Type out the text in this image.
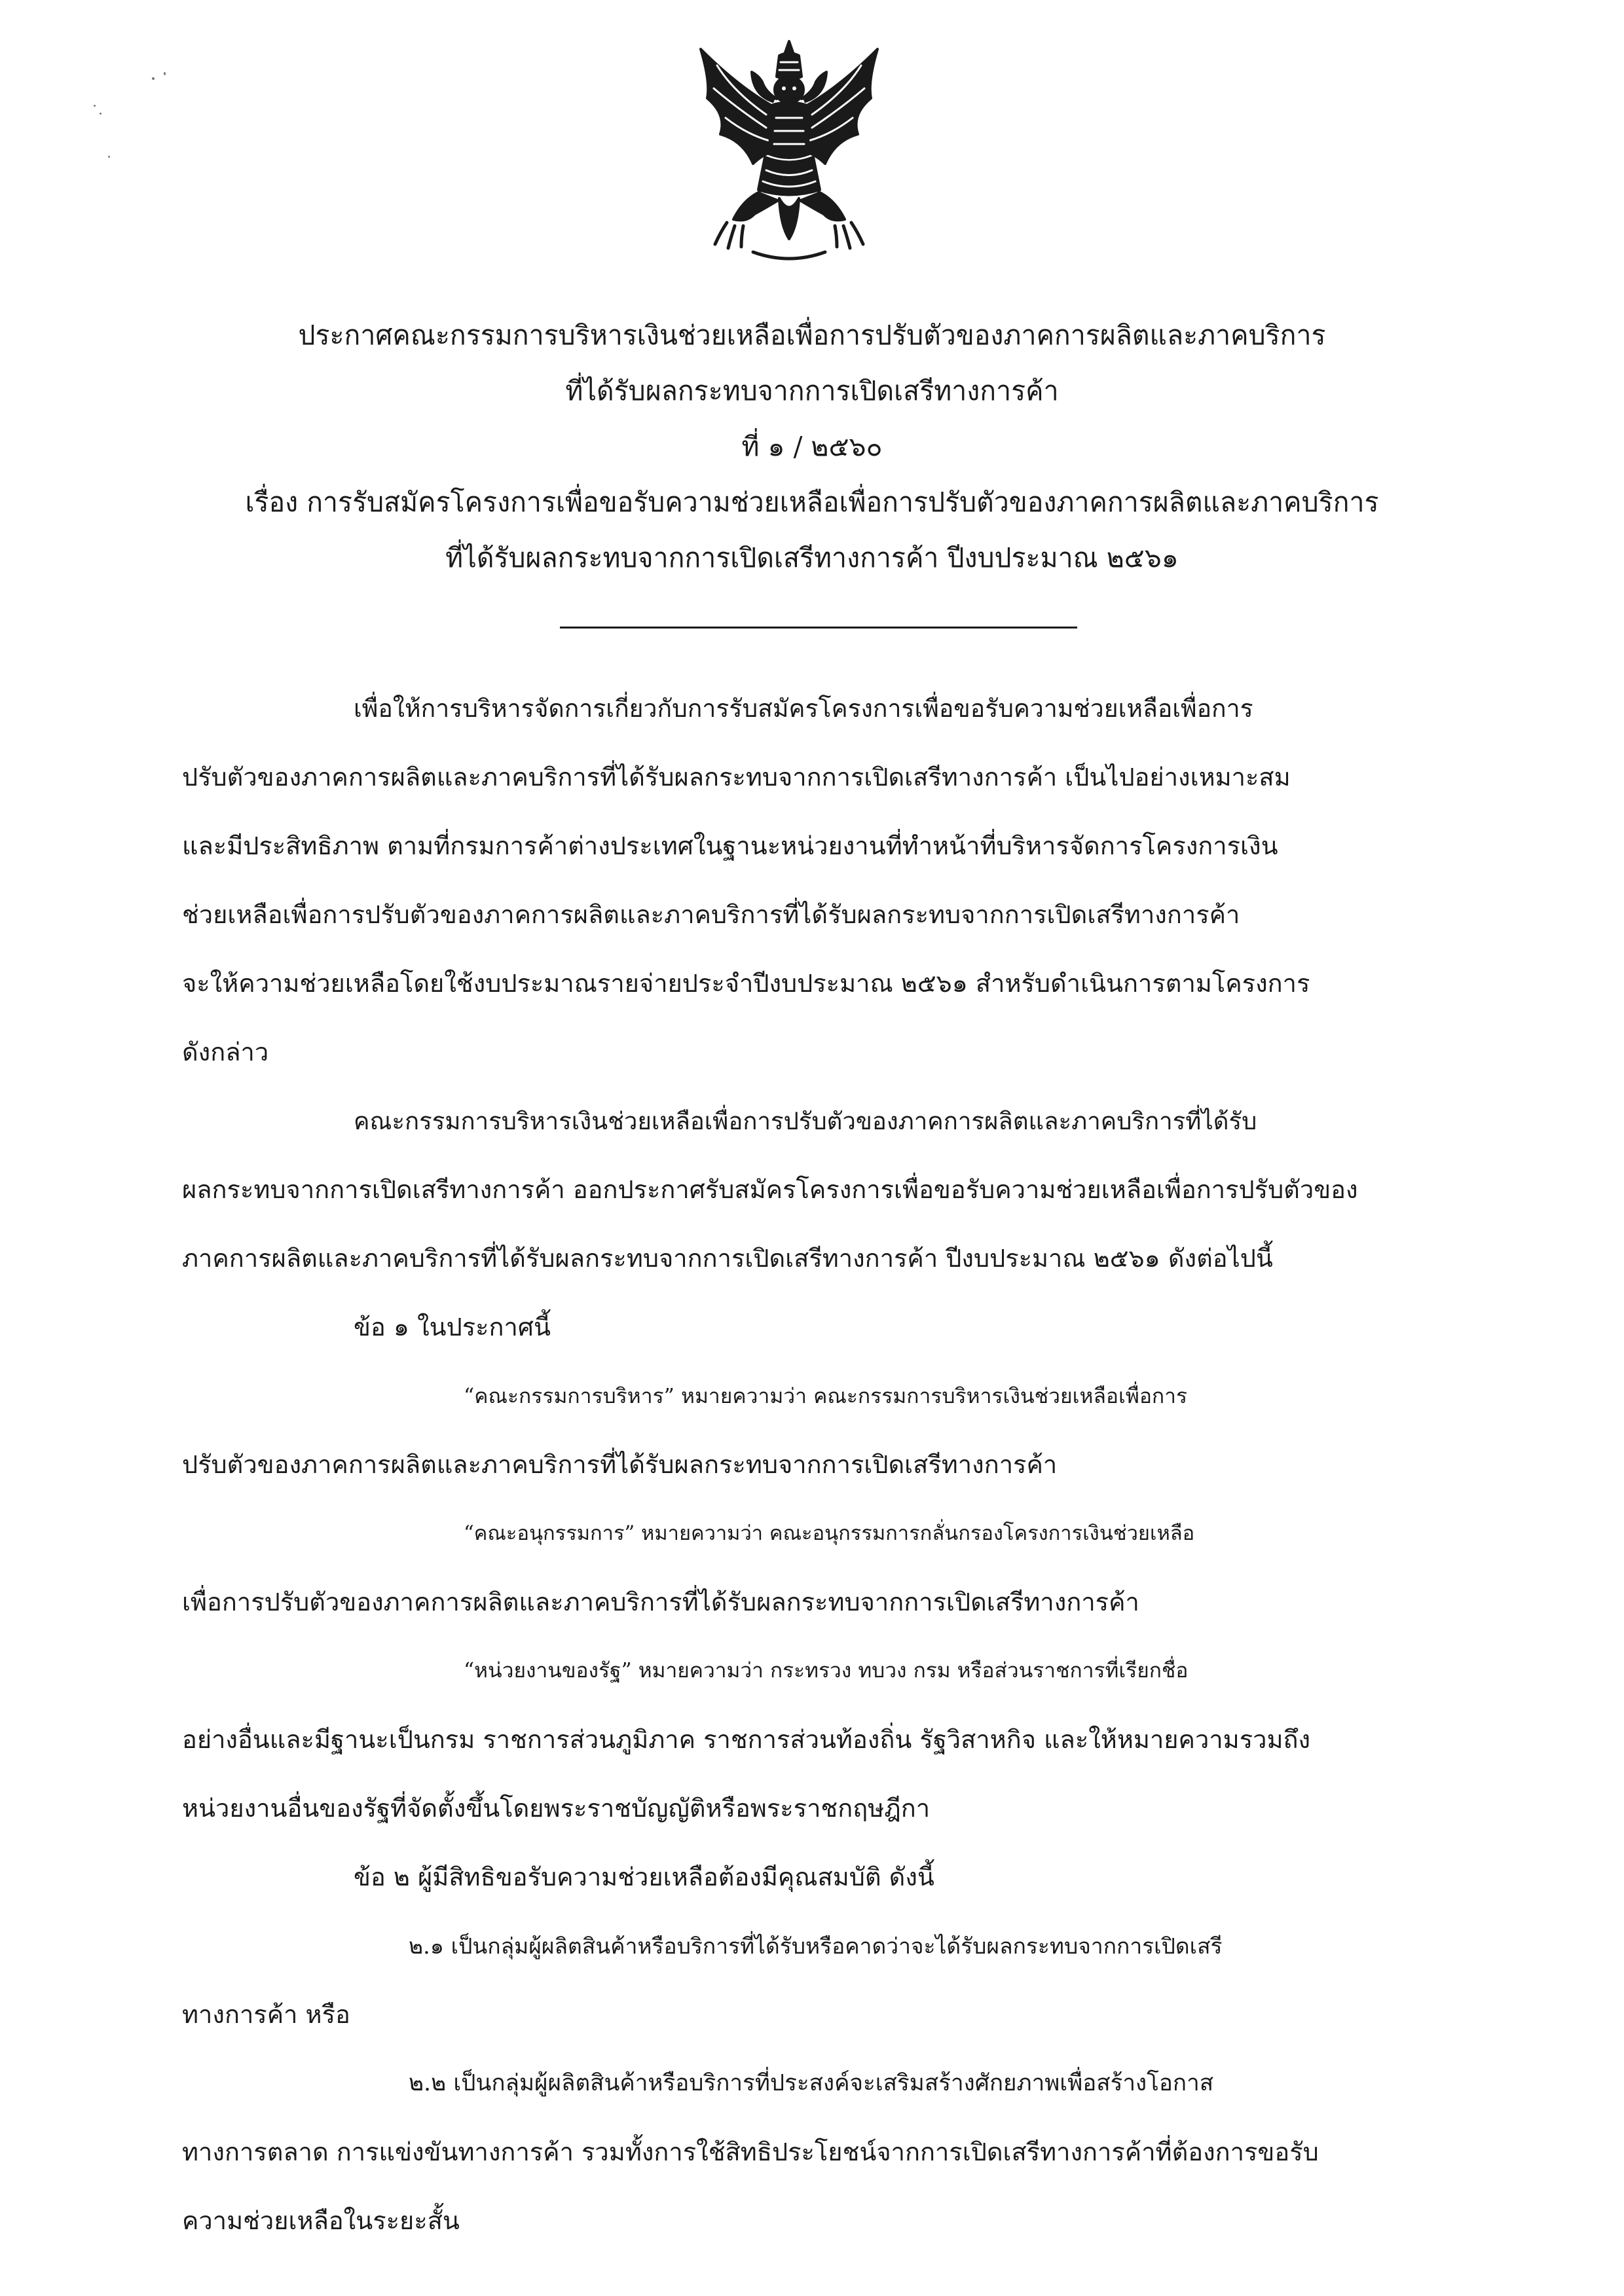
ประกาศคณะกรรมการบริหารเงินช่วยเหลือเพื่อการปรับตัวของภาคการผลิตและภาคบริการ
ที่ได้รับผลกระทบจากการเปิดเสรีทางการค้า
ที่ ๑ / ๒๕๖๐
เรื่อง การรับสมัครโครงการเพื่อขอรับความช่วยเหลือเพื่อการปรับตัวของภาคการผลิตและภาคบริการ
ที่ได้รับผลกระทบจากการเปิดเสรีทางการค้า ปีงบประมาณ ๒๕๖๑

เพื่อให้การบริหารจัดการเกี่ยวกับการรับสมัครโครงการเพื่อขอรับความช่วยเหลือเพื่อการ
ปรับตัวของภาคการผลิตและภาคบริการที่ได้รับผลกระทบจากการเปิดเสรีทางการค้า เป็นไปอย่างเหมาะสม
และมีประสิทธิภาพ ตามที่กรมการค้าต่างประเทศในฐานะหน่วยงานที่ทำหน้าที่บริหารจัดการโครงการเงิน
ช่วยเหลือเพื่อการปรับตัวของภาคการผลิตและภาคบริการที่ได้รับผลกระทบจากการเปิดเสรีทางการค้า
จะให้ความช่วยเหลือโดยใช้งบประมาณรายจ่ายประจำปีงบประมาณ ๒๕๖๑ สำหรับดำเนินการตามโครงการ
ดังกล่าว

คณะกรรมการบริหารเงินช่วยเหลือเพื่อการปรับตัวของภาคการผลิตและภาคบริการที่ได้รับ
ผลกระทบจากการเปิดเสรีทางการค้า ออกประกาศรับสมัครโครงการเพื่อขอรับความช่วยเหลือเพื่อการปรับตัวของ
ภาคการผลิตและภาคบริการที่ได้รับผลกระทบจากการเปิดเสรีทางการค้า ปีงบประมาณ ๒๕๖๑ ดังต่อไปนี้

ข้อ ๑ ในประกาศนี้

“คณะกรรมการบริหาร” หมายความว่า คณะกรรมการบริหารเงินช่วยเหลือเพื่อการ
ปรับตัวของภาคการผลิตและภาคบริการที่ได้รับผลกระทบจากการเปิดเสรีทางการค้า

“คณะอนุกรรมการ” หมายความว่า คณะอนุกรรมการกลั่นกรองโครงการเงินช่วยเหลือ
เพื่อการปรับตัวของภาคการผลิตและภาคบริการที่ได้รับผลกระทบจากการเปิดเสรีทางการค้า

“หน่วยงานของรัฐ” หมายความว่า กระทรวง ทบวง กรม หรือส่วนราชการที่เรียกชื่อ
อย่างอื่นและมีฐานะเป็นกรม ราชการส่วนภูมิภาค ราชการส่วนท้องถิ่น รัฐวิสาหกิจ และให้หมายความรวมถึง
หน่วยงานอื่นของรัฐที่จัดตั้งขึ้นโดยพระราชบัญญัติหรือพระราชกฤษฎีกา

ข้อ ๒ ผู้มีสิทธิขอรับความช่วยเหลือต้องมีคุณสมบัติ ดังนี้

๒.๑ เป็นกลุ่มผู้ผลิตสินค้าหรือบริการที่ได้รับหรือคาดว่าจะได้รับผลกระทบจากการเปิดเสรี
ทางการค้า หรือ

๒.๒ เป็นกลุ่มผู้ผลิตสินค้าหรือบริการที่ประสงค์จะเสริมสร้างศักยภาพเพื่อสร้างโอกาส
ทางการตลาด การแข่งขันทางการค้า รวมทั้งการใช้สิทธิประโยชน์จากการเปิดเสรีทางการค้าที่ต้องการขอรับ
ความช่วยเหลือในระยะสั้น
